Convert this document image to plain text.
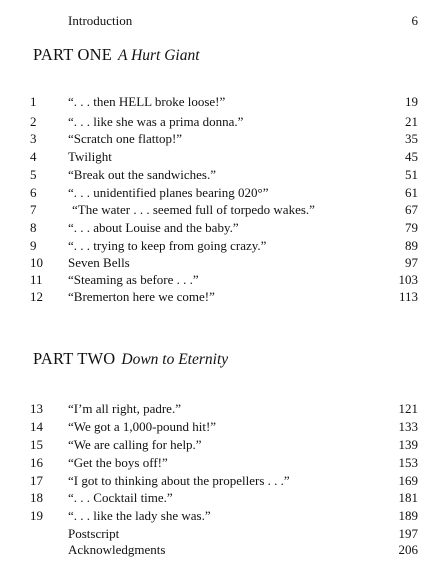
Introduction	6
PART ONE A Hurt Giant
1	“. . . then HELL broke loose!”	19
2	“. . . like she was a prima donna.”	21
3	“Scratch one flattop!”	35
4	Twilight	45
5	“Break out the sandwiches.”	51
6	“. . . unidentified planes bearing 020°”	61
7	“The water . . . seemed full of torpedo wakes.”	67
8	“. . . about Louise and the baby.”	79
9	“. . . trying to keep from going crazy.”	89
10	Seven Bells	97
11	“Steaming as before . . .”	103
12	“Bremerton here we come!”	113
PART TWO Down to Eternity
13	“I’m all right, padre.”	121
14	“We got a 1,000-pound hit!”	133
15	“We are calling for help.”	139
16	“Get the boys off!”	153
17	“I got to thinking about the propellers . . .”	169
18	“. . . Cocktail time.”	181
19	“. . . like the lady she was.”	189
Postscript	197
Acknowledgments	206
